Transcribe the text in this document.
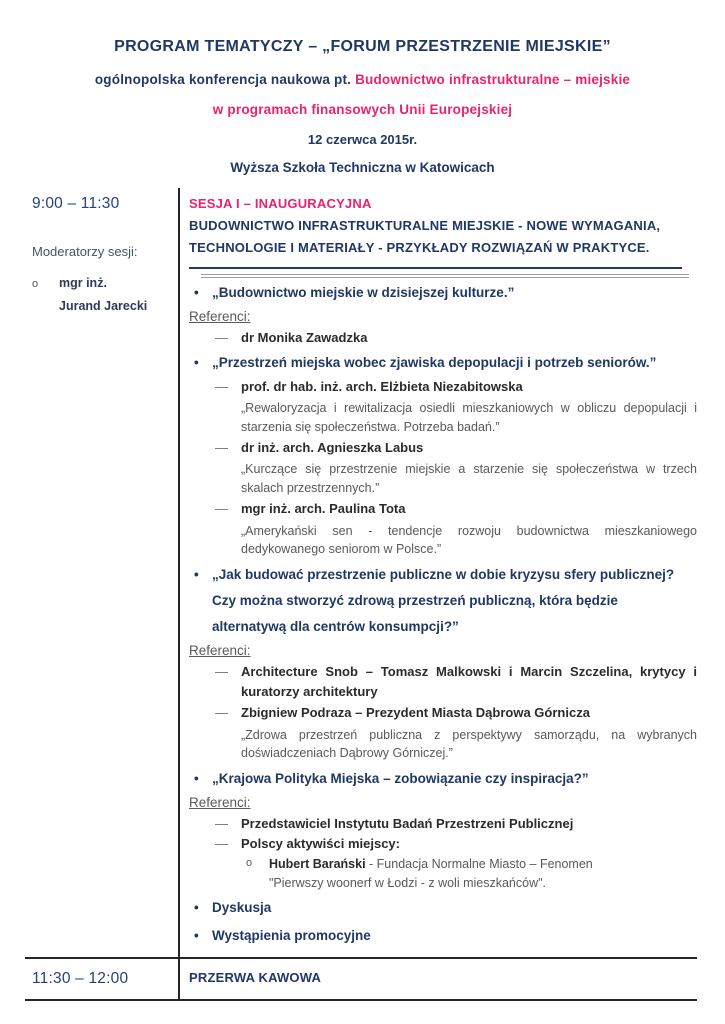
PROGRAM TEMATYCZY – „FORUM PRZESTRZENIE MIEJSKIE”

ogólnopolska konferencja naukowa pt. Budownictwo infrastrukturalne – miejskie

w programach finansowych Unii Europejskiej

12 czerwca 2015r.

Wyższa Szkoła Techniczna w Katowicach

9:00 – 11:30
Moderatorzy sesji:
o
mgr inż.
Jurand Jarecki
SESJA I – INAUGURACYJNA
BUDOWNICTWO INFRASTRUKTURALNE MIEJSKIE - NOWE WYMAGANIA,
TECHNOLOGIE I MATERIAŁY - PRZYKŁADY ROZWIĄZAŃ W PRAKTYCE.
• „Budownictwo miejskie w dzisiejszej kulturze.”
Referenci:
— dr Monika Zawadzka
• „Przestrzeń miejska wobec zjawiska depopulacji i potrzeb seniorów.”
— prof. dr hab. inż. arch. Elżbieta Niezabitowska
„Rewaloryzacja i rewitalizacja osiedli mieszkaniowych w obliczu depopulacji i starzenia się społeczeństwa. Potrzeba badań.”
— dr inż. arch. Agnieszka Labus
„Kurczące się przestrzenie miejskie a starzenie się społeczeństwa w trzech skalach przestrzennych.”
— mgr inż. arch. Paulina Tota
„Amerykański sen - tendencje rozwoju budownictwa mieszkaniowego dedykowanego seniorom w Polsce.”
• „Jak budować przestrzenie publiczne w dobie kryzysu sfery publicznej? Czy można stworzyć zdrową przestrzeń publiczną, która będzie alternatywą dla centrów konsumpcji?”
Referenci:
— Architecture Snob – Tomasz Malkowski i Marcin Szczelina, krytycy i kuratorzy architektury
— Zbigniew Podraza – Prezydent Miasta Dąbrowa Górnicza
„Zdrowa przestrzeń publiczna z perspektywy samorządu, na wybranych doświadczeniach Dąbrowy Górniczej.”
• „Krajowa Polityka Miejska – zobowiązanie czy inspiracja?”
Referenci:
— Przedstawiciel Instytutu Badań Przestrzeni Publicznej
— Polscy aktywiści miejscy:
o Hubert Barański - Fundacja Normalne Miasto – Fenomen
"Pierwszy woonerf w Łodzi - z woli mieszkańców".
• Dyskusja
• Wystąpienia promocyjne
11:30 – 12:00	PRZERWA KAWOWA
